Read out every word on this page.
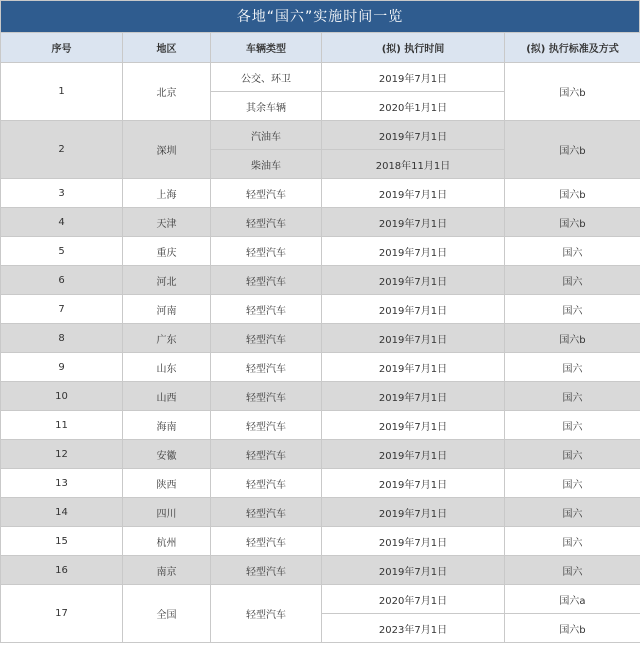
各地“国六”实施时间一览
序号	地区	车辆类型	(拟) 执行时间	(拟) 执行标准及方式
1	北京	公交、环卫	2019年7月1日	国六b
		其余车辆	2020年1月1日	
2	深圳	汽油车	2019年7月1日	国六b
		柴油车	2018年11月1日	
3	上海	轻型汽车	2019年7月1日	国六b
4	天津	轻型汽车	2019年7月1日	国六b
5	重庆	轻型汽车	2019年7月1日	国六
6	河北	轻型汽车	2019年7月1日	国六
7	河南	轻型汽车	2019年7月1日	国六
8	广东	轻型汽车	2019年7月1日	国六b
9	山东	轻型汽车	2019年7月1日	国六
10	山西	轻型汽车	2019年7月1日	国六
11	海南	轻型汽车	2019年7月1日	国六
12	安徽	轻型汽车	2019年7月1日	国六
13	陕西	轻型汽车	2019年7月1日	国六
14	四川	轻型汽车	2019年7月1日	国六
15	杭州	轻型汽车	2019年7月1日	国六
16	南京	轻型汽车	2019年7月1日	国六
17	全国	轻型汽车	2020年7月1日	国六a
			2023年7月1日	国六b
